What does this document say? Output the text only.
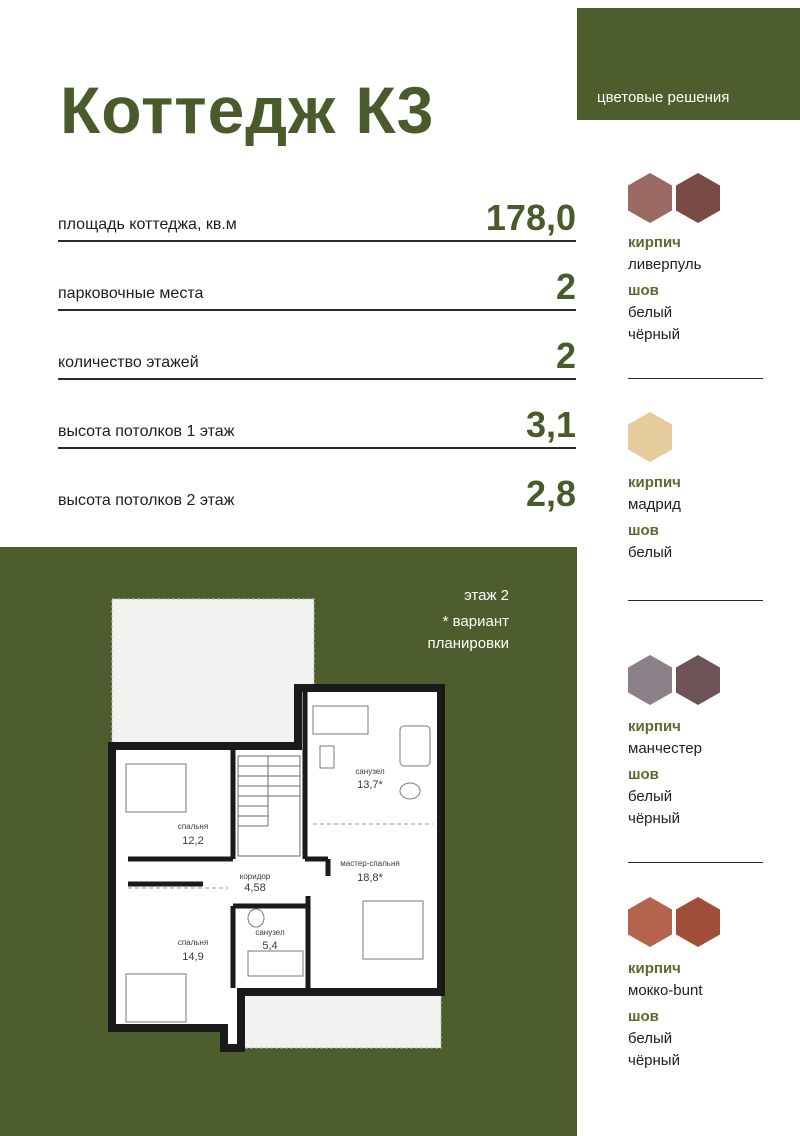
Коттедж К3
площадь коттеджа, кв.м	178,0
парковочные места	2
количество этажей	2
высота потолков 1 этаж	3,1
высота потолков 2 этаж	2,8
цветовые решения
кирпич
ливерпуль
шов
белый
чёрный
кирпич
мадрид
шов
белый
кирпич
манчестер
шов
белый
чёрный
кирпич
мокко-bunt
шов
белый
чёрный
этаж 2
* вариант
планировки
санузел
13,7*
спальня
12,2
коридор
4,58
мастер-спальня
18,8*
санузел
5,4
спальня
14,9
